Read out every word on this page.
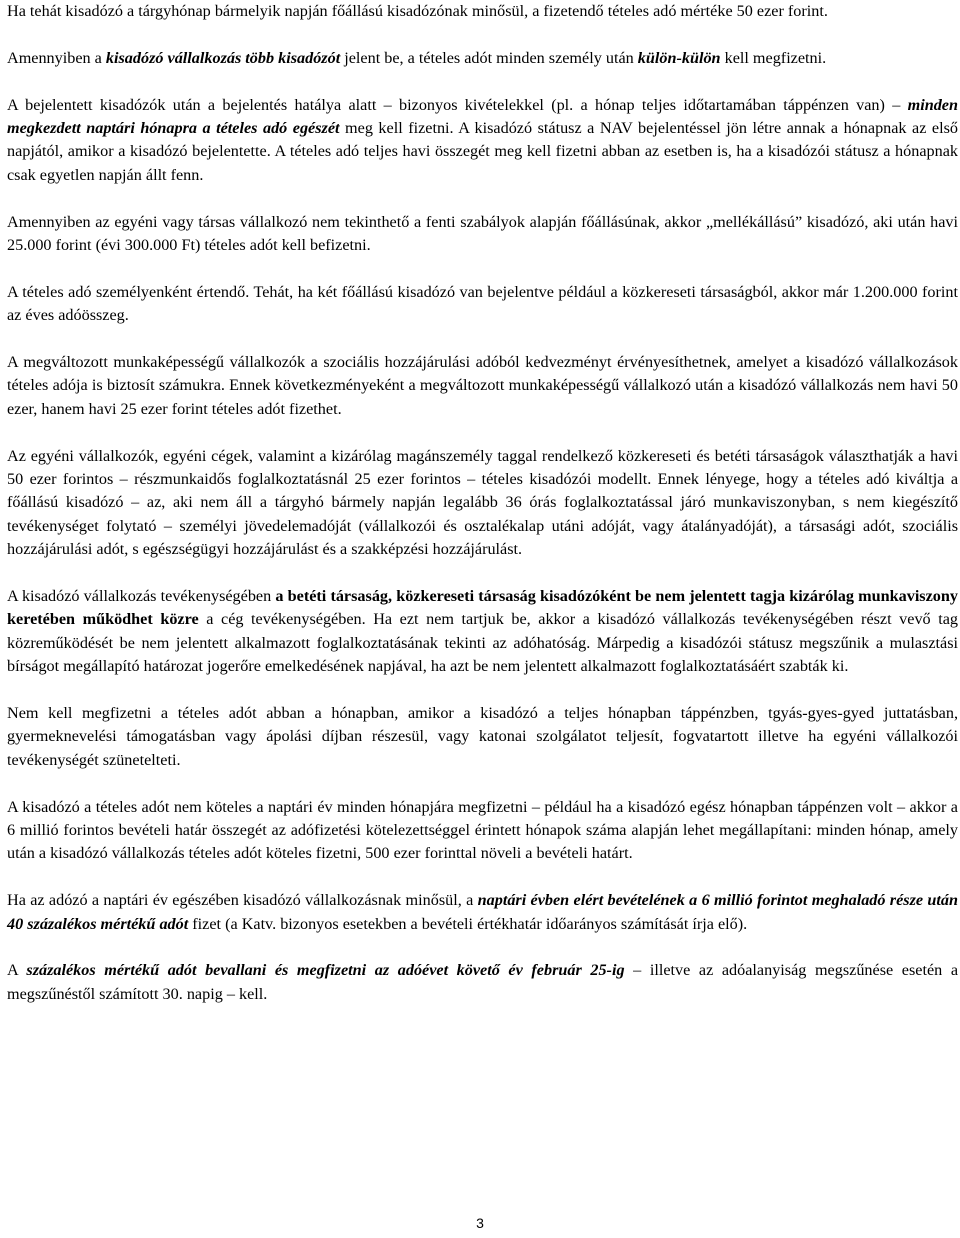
Ha tehát kisadózó a tárgyhónap bármelyik napján főállású kisadózónak minősül, a fizetendő tételes adó mértéke 50 ezer forint.

Amennyiben a kisadózó vállalkozás több kisadózót jelent be, a tételes adót minden személy után külön-külön kell megfizetni.

A bejelentett kisadózók után a bejelentés hatálya alatt – bizonyos kivételekkel (pl. a hónap teljes időtartamában táppénzen van) – minden megkezdett naptári hónapra a tételes adó egészét meg kell fizetni. A kisadózó státusz a NAV bejelentéssel jön létre annak a hónapnak az első napjától, amikor a kisadózó bejelentette. A tételes adó teljes havi összegét meg kell fizetni abban az esetben is, ha a kisadózói státusz a hónapnak csak egyetlen napján állt fenn.

Amennyiben az egyéni vagy társas vállalkozó nem tekinthető a fenti szabályok alapján főállásúnak, akkor „mellékállású” kisadózó, aki után havi 25.000 forint (évi 300.000 Ft) tételes adót kell befizetni.

A tételes adó személyenként értendő. Tehát, ha két főállású kisadózó van bejelentve például a közkereseti társaságból, akkor már 1.200.000 forint az éves adóösszeg.

A megváltozott munkaképességű vállalkozók a szociális hozzájárulási adóból kedvezményt érvényesíthetnek, amelyet a kisadózó vállalkozások tételes adója is biztosít számukra. Ennek következményeként a megváltozott munkaképességű vállalkozó után a kisadózó vállalkozás nem havi 50 ezer, hanem havi 25 ezer forint tételes adót fizethet.

Az egyéni vállalkozók, egyéni cégek, valamint a kizárólag magánszemély taggal rendelkező közkereseti és betéti társaságok választhatják a havi 50 ezer forintos – részmunkaidős foglalkoztatásnál 25 ezer forintos – tételes kisadózói modellt. Ennek lényege, hogy a tételes adó kiváltja a főállású kisadózó – az, aki nem áll a tárgyhó bármely napján legalább 36 órás foglalkoztatással járó munkaviszonyban, s nem kiegészítő tevékenységet folytató – személyi jövedelemadóját (vállalkozói és osztalékalap utáni adóját, vagy átalányadóját), a társasági adót, szociális hozzájárulási adót, s egészségügyi hozzájárulást és a szakképzési hozzájárulást.

A kisadózó vállalkozás tevékenységében a betéti társaság, közkereseti társaság kisadózóként be nem jelentett tagja kizárólag munkaviszony keretében működhet közre a cég tevékenységében. Ha ezt nem tartjuk be, akkor a kisadózó vállalkozás tevékenységében részt vevő tag közreműködését be nem jelentett alkalmazott foglalkoztatásának tekinti az adóhatóság. Márpedig a kisadózói státusz megszűnik a mulasztási bírságot megállapító határozat jogerőre emelkedésének napjával, ha azt be nem jelentett alkalmazott foglalkoztatásáért szabták ki.

Nem kell megfizetni a tételes adót abban a hónapban, amikor a kisadózó a teljes hónapban táppénzben, tgyás-gyes-gyed juttatásban, gyermeknevelési támogatásban vagy ápolási díjban részesül, vagy katonai szolgálatot teljesít, fogvatartott illetve ha egyéni vállalkozói tevékenységét szünetelteti.

A kisadózó a tételes adót nem köteles a naptári év minden hónapjára megfizetni – például ha a kisadózó egész hónapban táppénzen volt – akkor a 6 millió forintos bevételi határ összegét az adófizetési kötelezettséggel érintett hónapok száma alapján lehet megállapítani: minden hónap, amely után a kisadózó vállalkozás tételes adót köteles fizetni, 500 ezer forinttal növeli a bevételi határt.

Ha az adózó a naptári év egészében kisadózó vállalkozásnak minősül, a naptári évben elért bevételének a 6 millió forintot meghaladó része után 40 százalékos mértékű adót fizet (a Katv. bizonyos esetekben a bevételi értékhatár időarányos számítását írja elő).

A százalékos mértékű adót bevallani és megfizetni az adóévet követő év február 25-ig – illetve az adóalanyiság megszűnése esetén a megszűnéstől számított 30. napig – kell.

3
